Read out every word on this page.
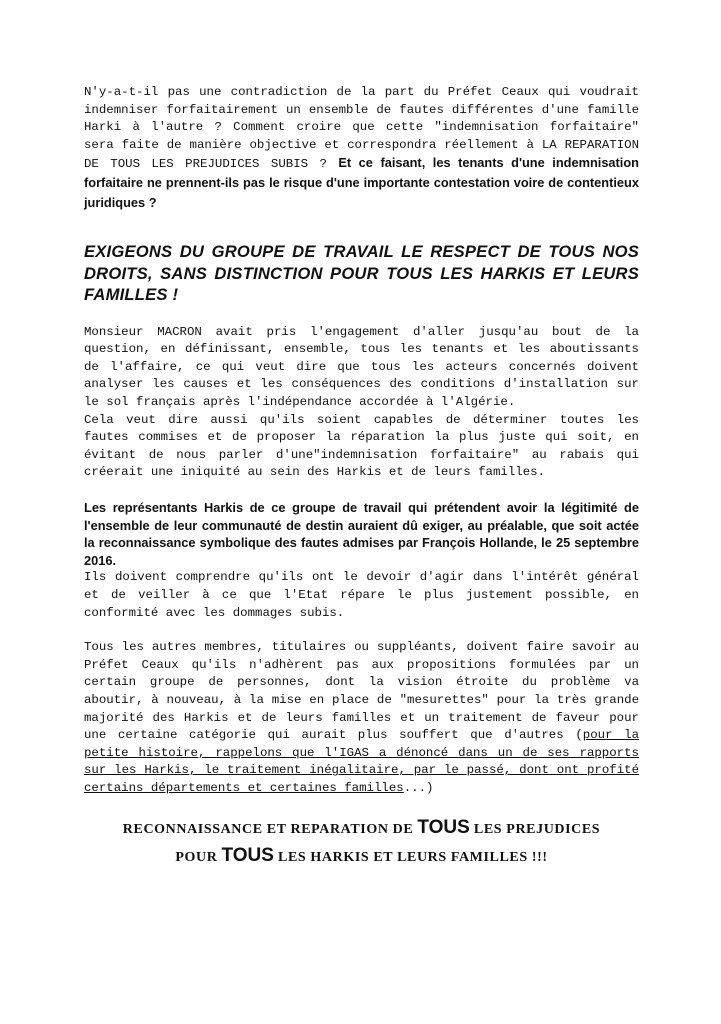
N'y-a-t-il pas une contradiction de la part du Préfet Ceaux qui voudrait indemniser forfaitairement un ensemble de fautes différentes d'une famille Harki à l'autre ? Comment croire que cette "indemnisation forfaitaire" sera faite de manière objective et correspondra réellement à LA REPARATION DE TOUS LES PREJUDICES SUBIS ? Et ce faisant, les tenants d'une indemnisation forfaitaire ne prennent-ils pas le risque d'une importante contestation voire de contentieux juridiques ?
EXIGEONS DU GROUPE DE TRAVAIL LE RESPECT DE TOUS NOS DROITS, SANS DISTINCTION POUR TOUS LES HARKIS ET LEURS FAMILLES !
Monsieur MACRON avait pris l'engagement d'aller jusqu'au bout de la question, en définissant, ensemble, tous les tenants et les aboutissants de l'affaire, ce qui veut dire que tous les acteurs concernés doivent analyser les causes et les conséquences des conditions d'installation sur le sol français après l'indépendance accordée à l'Algérie.
Cela veut dire aussi qu'ils soient capables de déterminer toutes les fautes commises et de proposer la réparation la plus juste qui soit, en évitant de nous parler d'une"indemnisation forfaitaire" au rabais qui créerait une iniquité au sein des Harkis et de leurs familles.
Les représentants Harkis de ce groupe de travail qui prétendent avoir la légitimité de l'ensemble de leur communauté de destin auraient dû exiger, au préalable, que soit actée la reconnaissance symbolique des fautes admises par François Hollande, le 25 septembre 2016.
Ils doivent comprendre qu'ils ont le devoir d'agir dans l'intérêt général et de veiller à ce que l'Etat répare le plus justement possible, en conformité avec les dommages subis.
Tous les autres membres, titulaires ou suppléants, doivent faire savoir au Préfet Ceaux qu'ils n'adhèrent pas aux propositions formulées par un certain groupe de personnes, dont la vision étroite du problème va aboutir, à nouveau, à la mise en place de "mesurettes" pour la très grande majorité des Harkis et de leurs familles et un traitement de faveur pour une certaine catégorie qui aurait plus souffert que d'autres (pour la petite histoire, rappelons que l'IGAS a dénoncé dans un de ses rapports sur les Harkis, le traitement inégalitaire, par le passé, dont ont profité certains départements et certaines familles...)
RECONNAISSANCE ET REPARATION DE TOUS LES PREJUDICES
POUR TOUS LES HARKIS ET LEURS FAMILLES !!!
